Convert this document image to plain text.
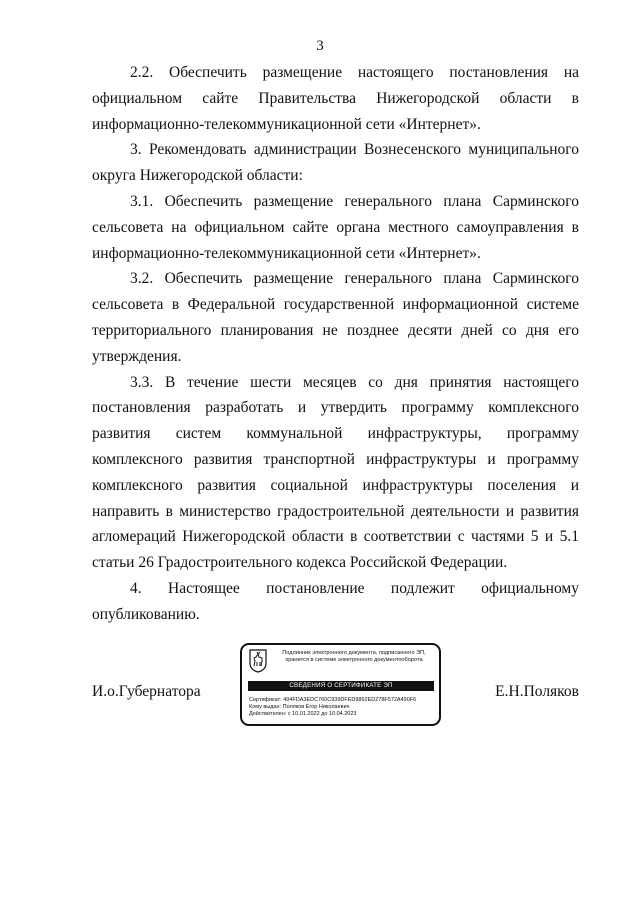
3

2.2. Обеспечить размещение настоящего постановления на официальном сайте Правительства Нижегородской области в информационно-телекоммуникационной сети «Интернет».

3. Рекомендовать администрации Вознесенского муниципального округа Нижегородской области:

3.1. Обеспечить размещение генерального плана Сарминского сельсовета на официальном сайте органа местного самоуправления в информационно-телекоммуникационной сети «Интернет».

3.2. Обеспечить размещение генерального плана Сарминского сельсовета в Федеральной государственной информационной системе территориального планирования не позднее десяти дней со дня его утверждения.

3.3. В течение шести месяцев со дня принятия настоящего постановления разработать и утвердить программу комплексного развития систем коммунальной инфраструктуры, программу комплексного развития транспортной инфраструктуры и программу комплексного развития социальной инфраструктуры поселения и направить в министерство градостроительной деятельности и развития агломераций Нижегородской области в соответствии с частями 5 и 5.1 статьи 26 Градостроительного кодекса Российской Федерации.

4. Настоящее постановление подлежит официальному опубликованию.

И.о.Губернатора	Е.Н.Поляков
Подлинник электронного документа, подписанного ЭП,
хранится в системе электронного документооборота
СВЕДЕНИЯ О СЕРТИФИКАТЕ ЭП
Сертификат: 494FDA3EDC760C939DFED9862ED278F572A490F6
Кому выдан: Поляков Егор Николаевич
Действителен: с 10.01.2022 до 10.04.2023
